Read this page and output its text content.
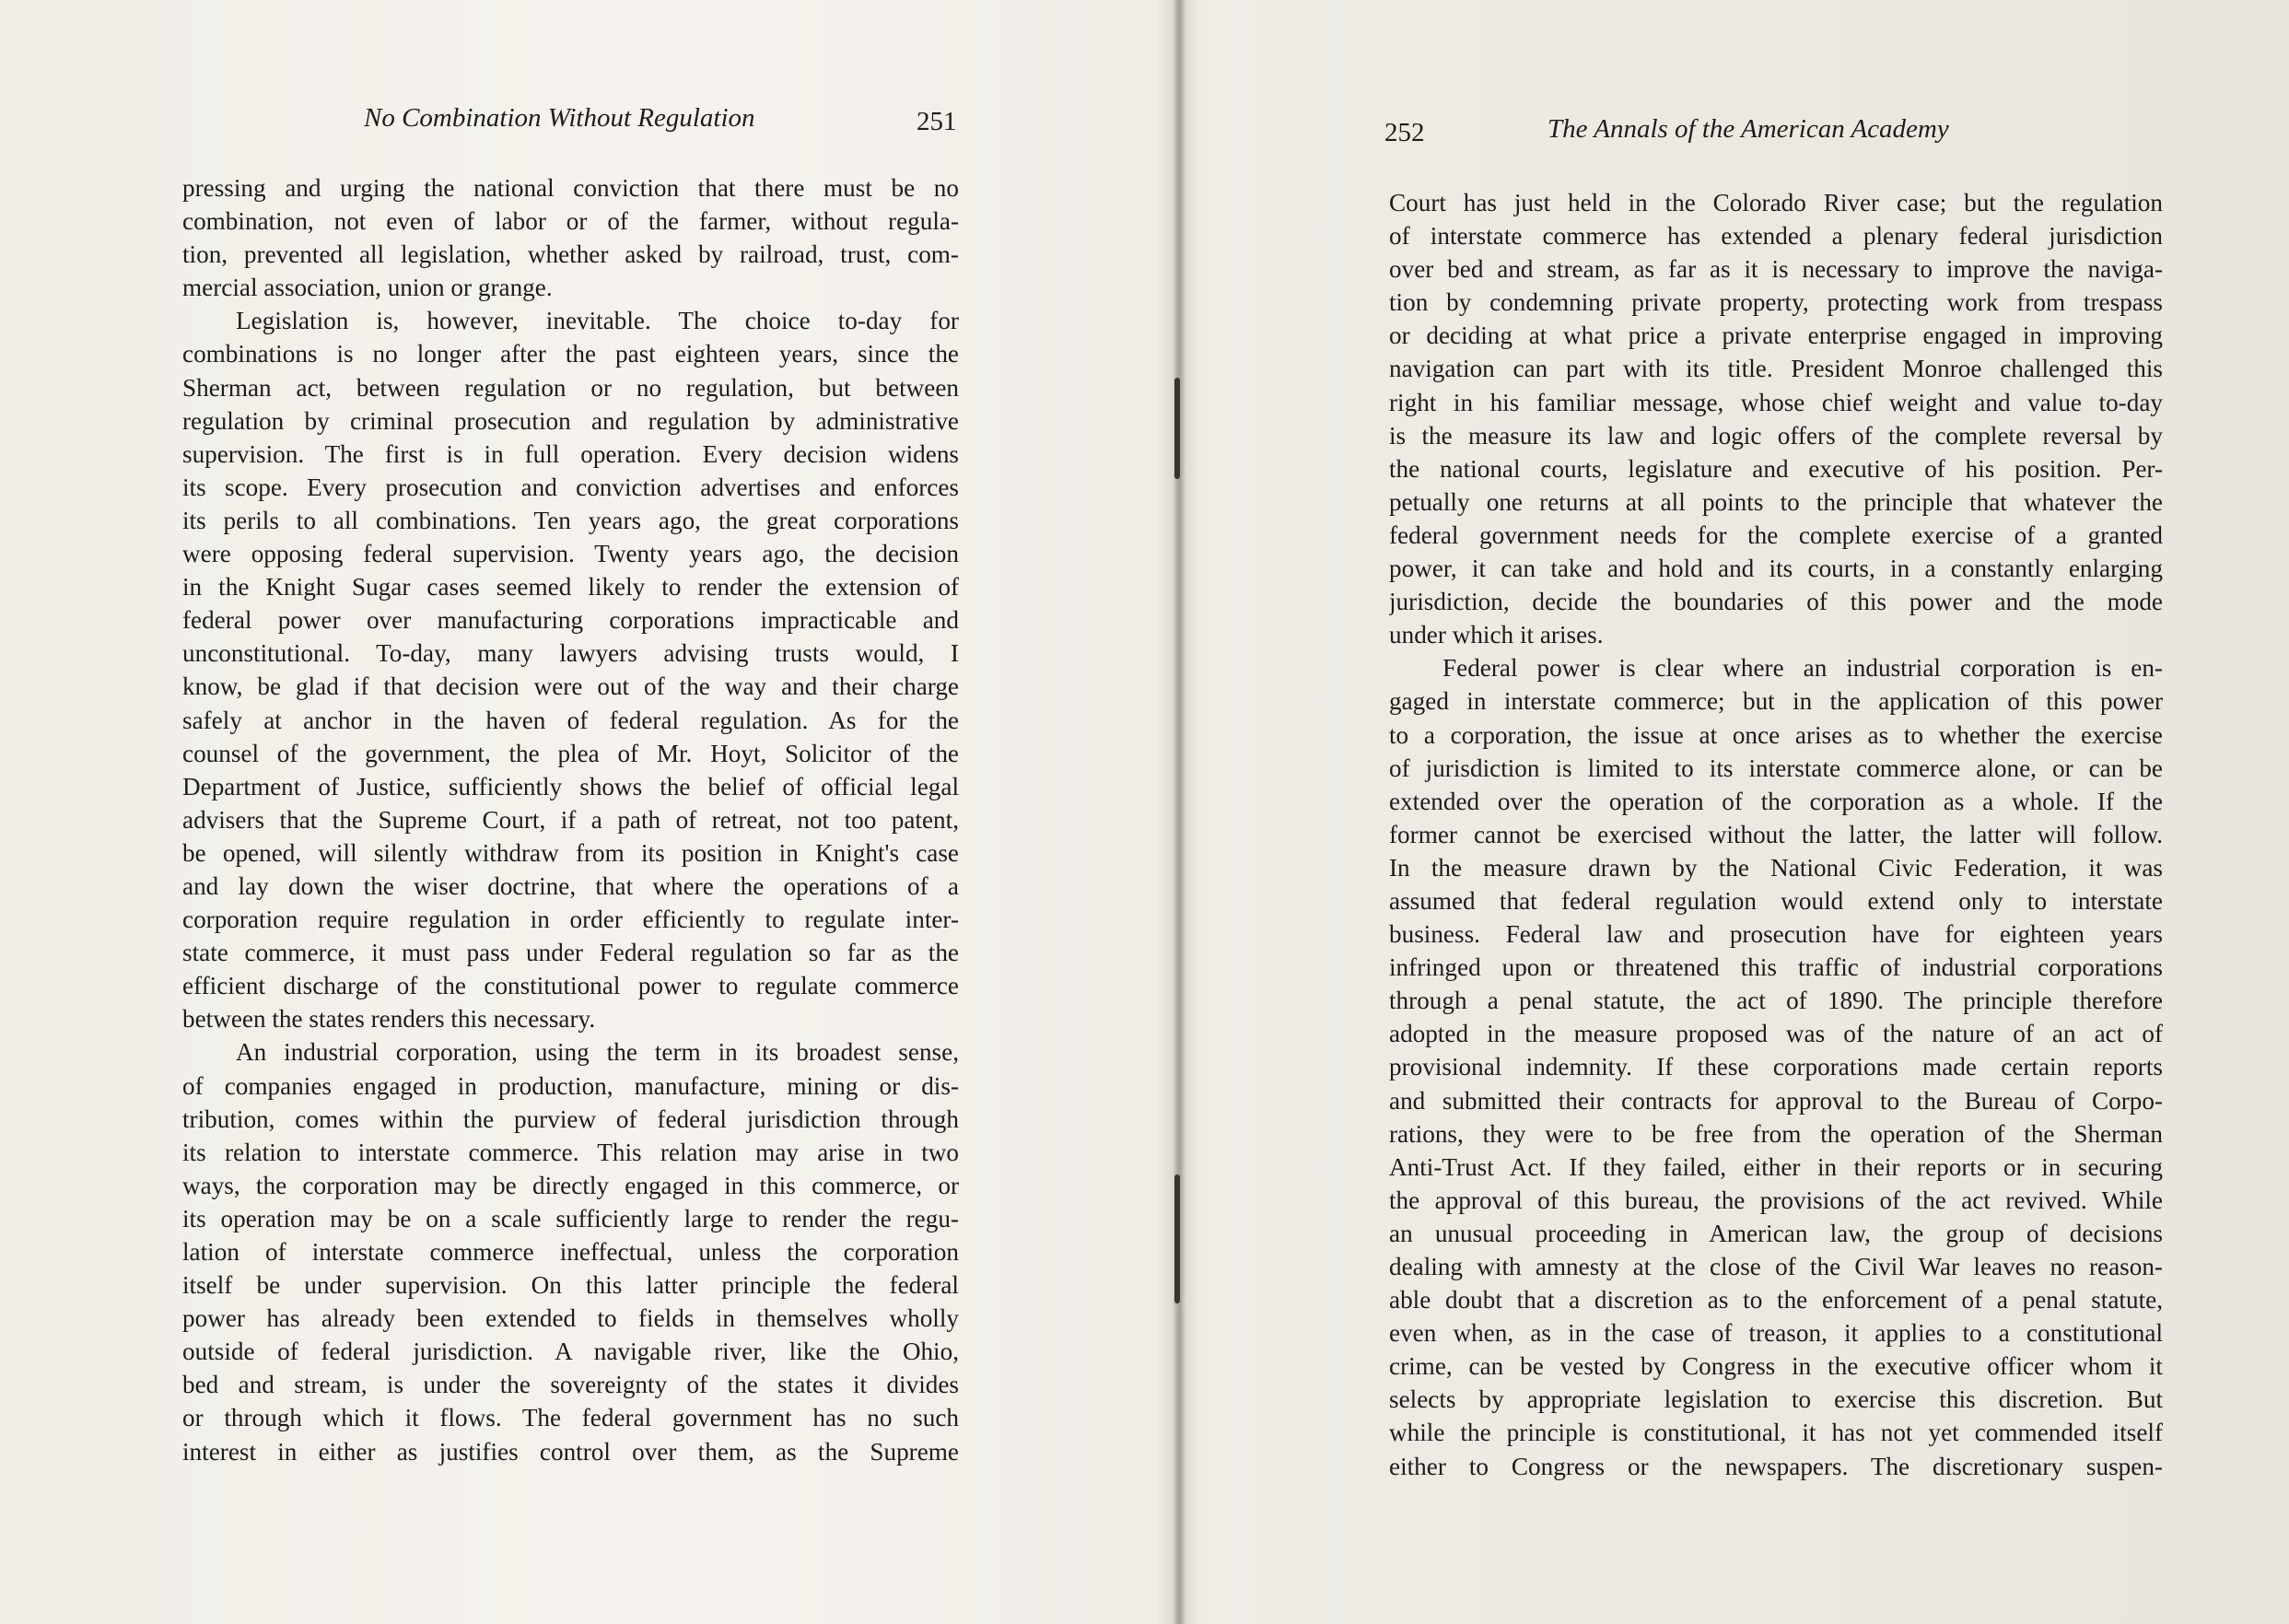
No Combination Without Regulation	251
pressing and urging the national conviction that there must be no
combination, not even of labor or of the farmer, without regula-
tion, prevented all legislation, whether asked by railroad, trust, com-
mercial association, union or grange.
Legislation is, however, inevitable. The choice to-day for
combinations is no longer after the past eighteen years, since the
Sherman act, between regulation or no regulation, but between
regulation by criminal prosecution and regulation by administrative
supervision. The first is in full operation. Every decision widens
its scope. Every prosecution and conviction advertises and enforces
its perils to all combinations. Ten years ago, the great corporations
were opposing federal supervision. Twenty years ago, the decision
in the Knight Sugar cases seemed likely to render the extension of
federal power over manufacturing corporations impracticable and
unconstitutional. To-day, many lawyers advising trusts would, I
know, be glad if that decision were out of the way and their charge
safely at anchor in the haven of federal regulation. As for the
counsel of the government, the plea of Mr. Hoyt, Solicitor of the
Department of Justice, sufficiently shows the belief of official legal
advisers that the Supreme Court, if a path of retreat, not too patent,
be opened, will silently withdraw from its position in Knight's case
and lay down the wiser doctrine, that where the operations of a
corporation require regulation in order efficiently to regulate inter-
state commerce, it must pass under Federal regulation so far as the
efficient discharge of the constitutional power to regulate commerce
between the states renders this necessary.
An industrial corporation, using the term in its broadest sense,
of companies engaged in production, manufacture, mining or dis-
tribution, comes within the purview of federal jurisdiction through
its relation to interstate commerce. This relation may arise in two
ways, the corporation may be directly engaged in this commerce, or
its operation may be on a scale sufficiently large to render the regu-
lation of interstate commerce ineffectual, unless the corporation
itself be under supervision. On this latter principle the federal
power has already been extended to fields in themselves wholly
outside of federal jurisdiction. A navigable river, like the Ohio,
bed and stream, is under the sovereignty of the states it divides
or through which it flows. The federal government has no such
interest in either as justifies control over them, as the Supreme
252	The Annals of the American Academy
Court has just held in the Colorado River case; but the regulation
of interstate commerce has extended a plenary federal jurisdiction
over bed and stream, as far as it is necessary to improve the naviga-
tion by condemning private property, protecting work from trespass
or deciding at what price a private enterprise engaged in improving
navigation can part with its title. President Monroe challenged this
right in his familiar message, whose chief weight and value to-day
is the measure its law and logic offers of the complete reversal by
the national courts, legislature and executive of his position. Per-
petually one returns at all points to the principle that whatever the
federal government needs for the complete exercise of a granted
power, it can take and hold and its courts, in a constantly enlarging
jurisdiction, decide the boundaries of this power and the mode
under which it arises.
Federal power is clear where an industrial corporation is en-
gaged in interstate commerce; but in the application of this power
to a corporation, the issue at once arises as to whether the exercise
of jurisdiction is limited to its interstate commerce alone, or can be
extended over the operation of the corporation as a whole. If the
former cannot be exercised without the latter, the latter will follow.
In the measure drawn by the National Civic Federation, it was
assumed that federal regulation would extend only to interstate
business. Federal law and prosecution have for eighteen years
infringed upon or threatened this traffic of industrial corporations
through a penal statute, the act of 1890. The principle therefore
adopted in the measure proposed was of the nature of an act of
provisional indemnity. If these corporations made certain reports
and submitted their contracts for approval to the Bureau of Corpo-
rations, they were to be free from the operation of the Sherman
Anti-Trust Act. If they failed, either in their reports or in securing
the approval of this bureau, the provisions of the act revived. While
an unusual proceeding in American law, the group of decisions
dealing with amnesty at the close of the Civil War leaves no reason-
able doubt that a discretion as to the enforcement of a penal statute,
even when, as in the case of treason, it applies to a constitutional
crime, can be vested by Congress in the executive officer whom it
selects by appropriate legislation to exercise this discretion. But
while the principle is constitutional, it has not yet commended itself
either to Congress or the newspapers. The discretionary suspen-
